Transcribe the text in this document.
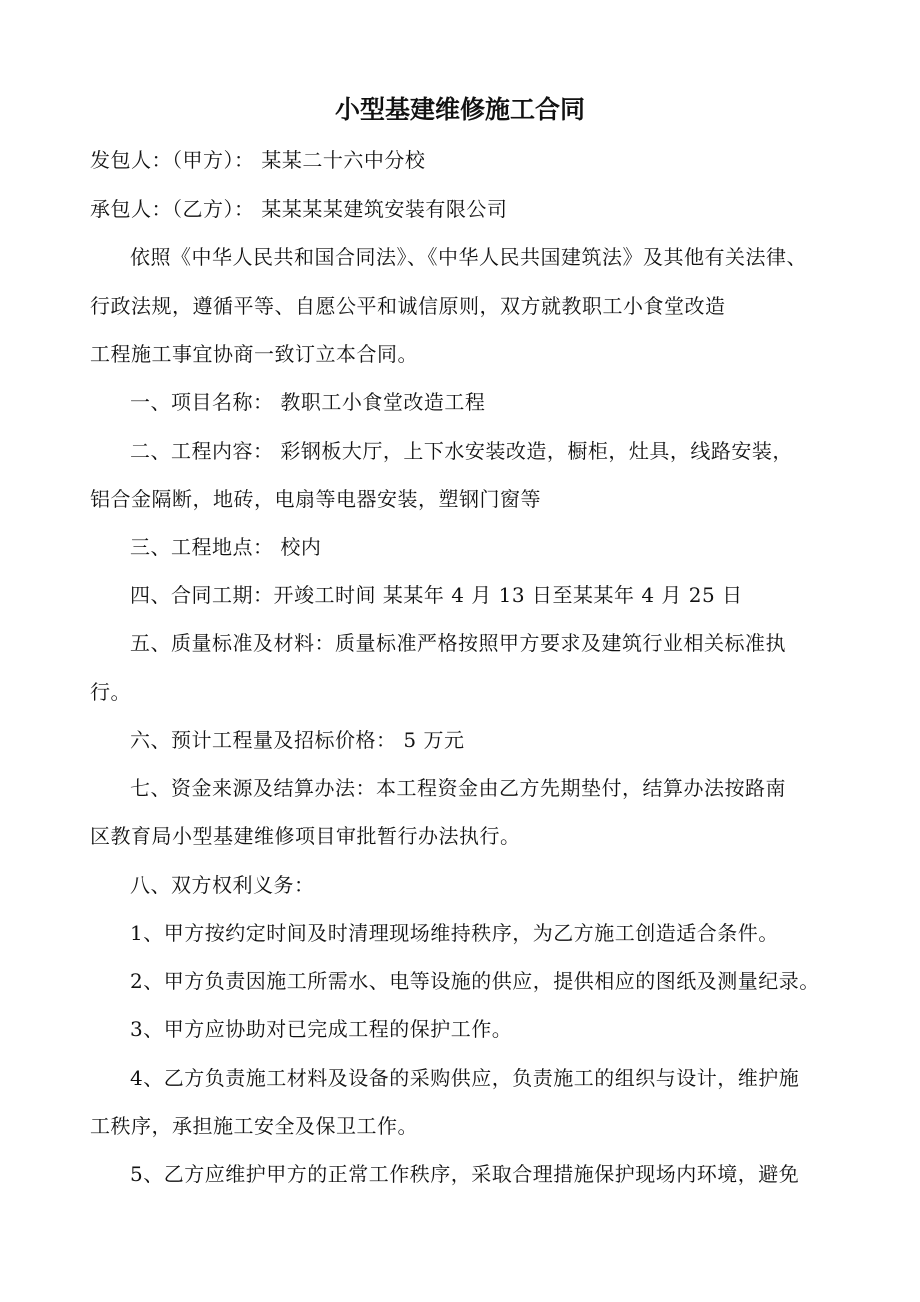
小型基建维修施工合同
发包人：（甲方）： 某某二十六中分校
承包人：（乙方）： 某某某某建筑安装有限公司
依照《中华人民共和国合同法》、《中华人民共国建筑法》及其他有关法律、
行政法规，遵循平等、自愿公平和诚信原则，双方就教职工小食堂改造
工程施工事宜协商一致订立本合同。
一、项目名称： 教职工小食堂改造工程
二、工程内容： 彩钢板大厅，上下水安装改造，橱柜，灶具，线路安装，
铝合金隔断，地砖，电扇等电器安装，塑钢门窗等
三、工程地点： 校内
四、合同工期：开竣工时间 某某年 4 月 13 日至某某年 4 月 25 日
五、质量标准及材料：质量标准严格按照甲方要求及建筑行业相关标准执
行。
六、预计工程量及招标价格： 5 万元
七、资金来源及结算办法：本工程资金由乙方先期垫付，结算办法按路南
区教育局小型基建维修项目审批暂行办法执行。
八、双方权利义务：
1、甲方按约定时间及时清理现场维持秩序，为乙方施工创造适合条件。
2、甲方负责因施工所需水、电等设施的供应，提供相应的图纸及测量纪录。
3、甲方应协助对已完成工程的保护工作。
4、乙方负责施工材料及设备的采购供应，负责施工的组织与设计，维护施
工秩序，承担施工安全及保卫工作。
5、乙方应维护甲方的正常工作秩序，采取合理措施保护现场内环境，避免
